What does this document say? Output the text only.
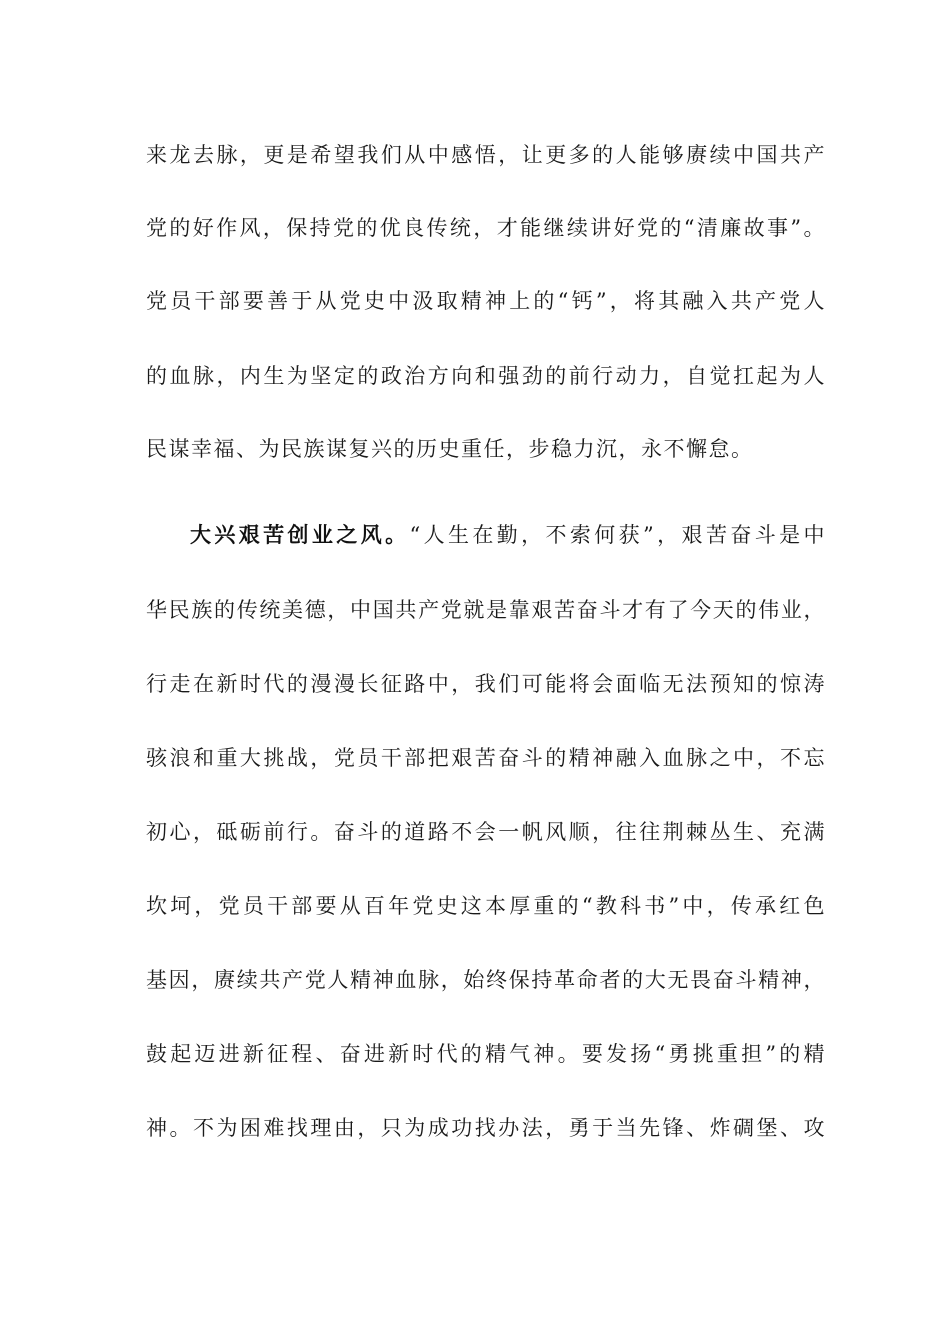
来龙去脉，更是希望我们从中感悟，让更多的人能够赓续中国共产
党的好作风，保持党的优良传统，才能继续讲好党的“清廉故事”。
党员干部要善于从党史中汲取精神上的“钙”，将其融入共产党人
的血脉，内生为坚定的政治方向和强劲的前行动力，自觉扛起为人
民谋幸福、为民族谋复兴的历史重任，步稳力沉，永不懈怠。
大兴艰苦创业之风。“人生在勤，不索何获”，艰苦奋斗是中
华民族的传统美德，中国共产党就是靠艰苦奋斗才有了今天的伟业，
行走在新时代的漫漫长征路中，我们可能将会面临无法预知的惊涛
骇浪和重大挑战，党员干部把艰苦奋斗的精神融入血脉之中，不忘
初心，砥砺前行。奋斗的道路不会一帆风顺，往往荆棘丛生、充满
坎坷，党员干部要从百年党史这本厚重的“教科书”中，传承红色
基因，赓续共产党人精神血脉，始终保持革命者的大无畏奋斗精神，
鼓起迈进新征程、奋进新时代的精气神。要发扬“勇挑重担”的精
神。不为困难找理由，只为成功找办法，勇于当先锋、炸碉堡、攻
